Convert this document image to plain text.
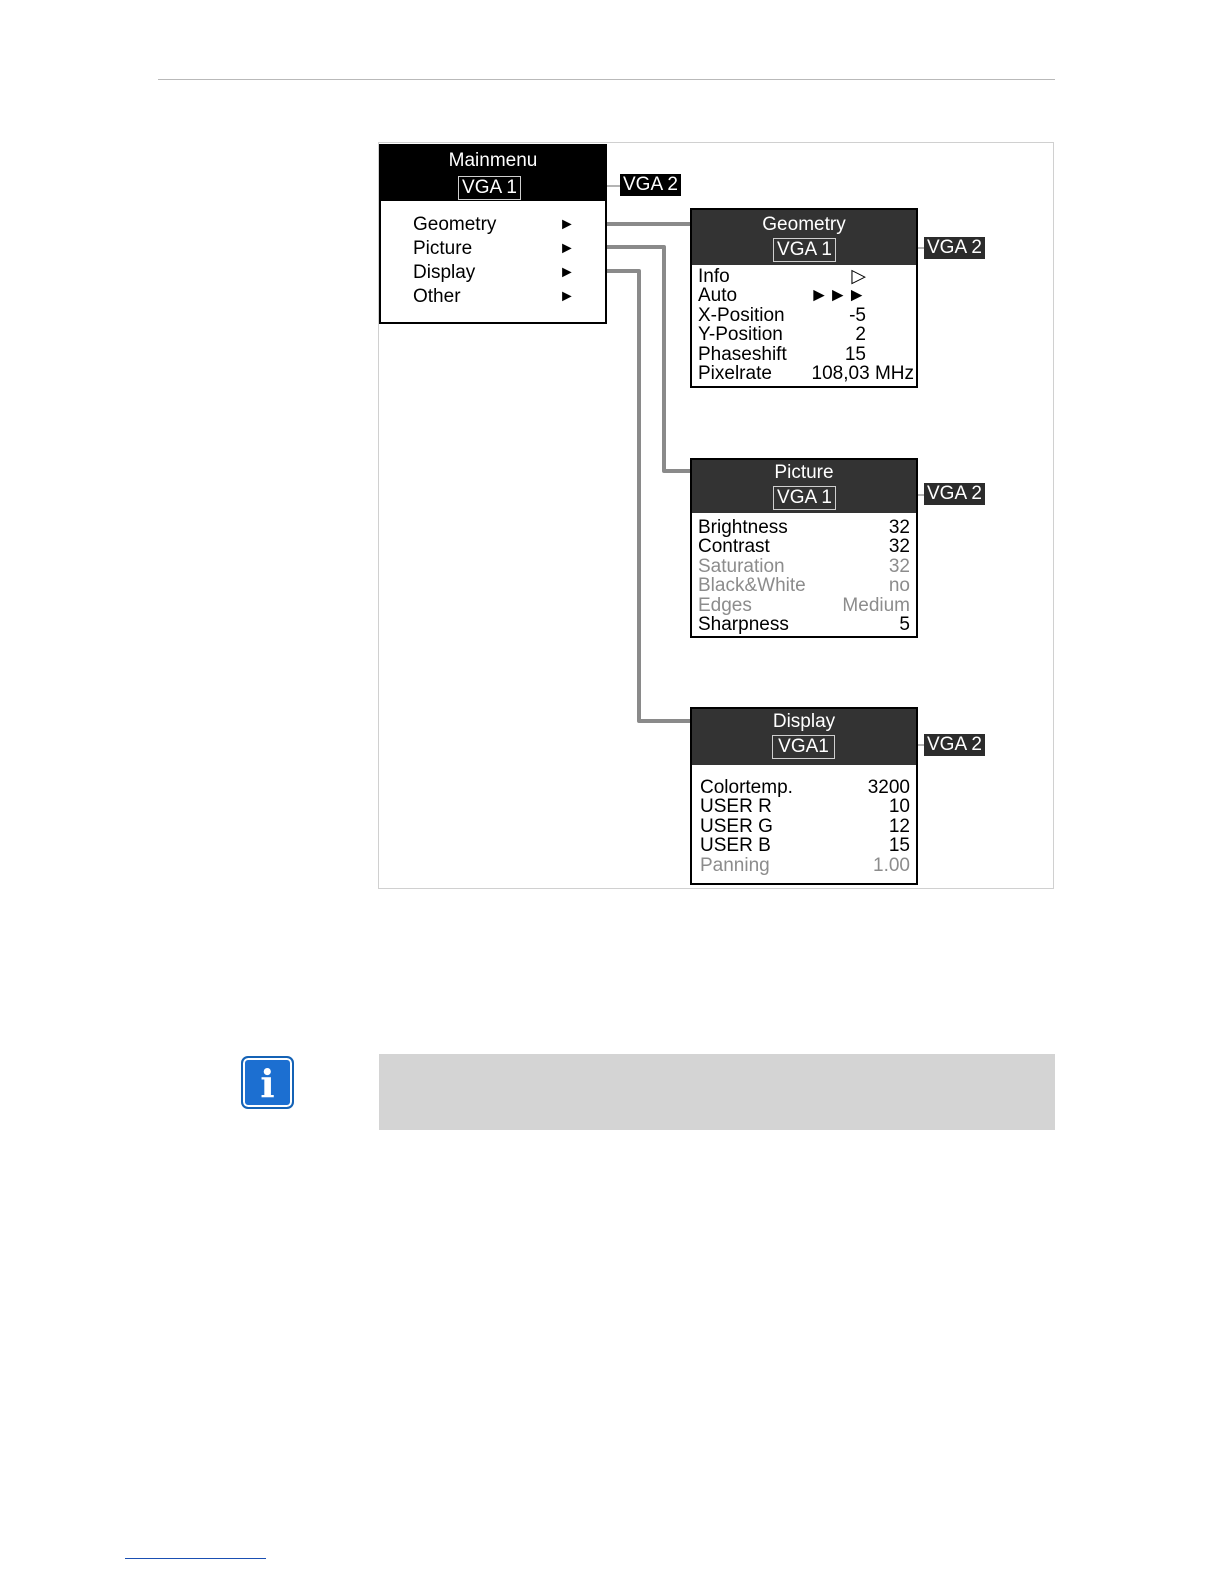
Mainmenu
VGA 1
Geometry	►
Picture	►
Display	►
Other	►
VGA 2
Geometry
VGA 1
Info	▷
Auto	►►►
X-Position	-5
Y-Position	2
Phaseshift	15
Pixelrate 108,03 MHz
VGA 2
Picture
VGA 1
Brightness	32
Contrast	32
Saturation	32
Black&White	no
Edges	Medium
Sharpness	5
VGA 2
Display
VGA1
Colortemp.	3200
USER R	10
USER G	12
USER B	15
Panning	1.00
VGA 2
i
